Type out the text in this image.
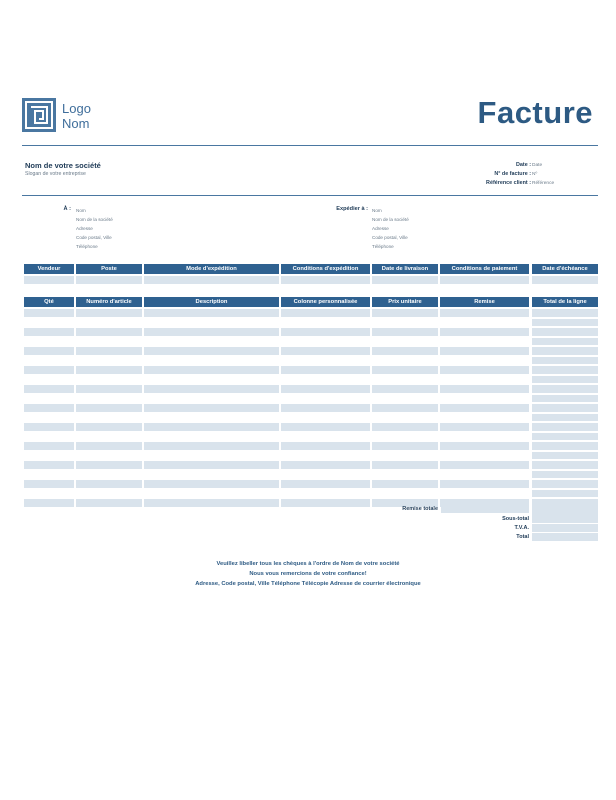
Logo
Nom	Facture
Nom de votre société
Slogan de votre entreprise
Date : Date
N° de facture : Nº
Référence client : Référence
À : Nom
Nom de la société
Adresse
Code postal, Ville
Téléphone
Expédier à : Nom
Nom de la société
Adresse
Code postal, Ville
Téléphone
Vendeur	Poste	Mode d'expédition	Conditions d'expédition	Date de livraison	Conditions de paiement	Date d'échéance
Qté	Numéro d'article	Description	Colonne personnalisée	Prix unitaire	Remise	Total de la ligne
Remise totale
Sous-total
T.V.A.
Total
Veuillez libeller tous les chèques à l'ordre de Nom de votre société
Nous vous remercions de votre confiance!
Adresse, Code postal, Ville Téléphone Télécopie Adresse de courrier électronique
